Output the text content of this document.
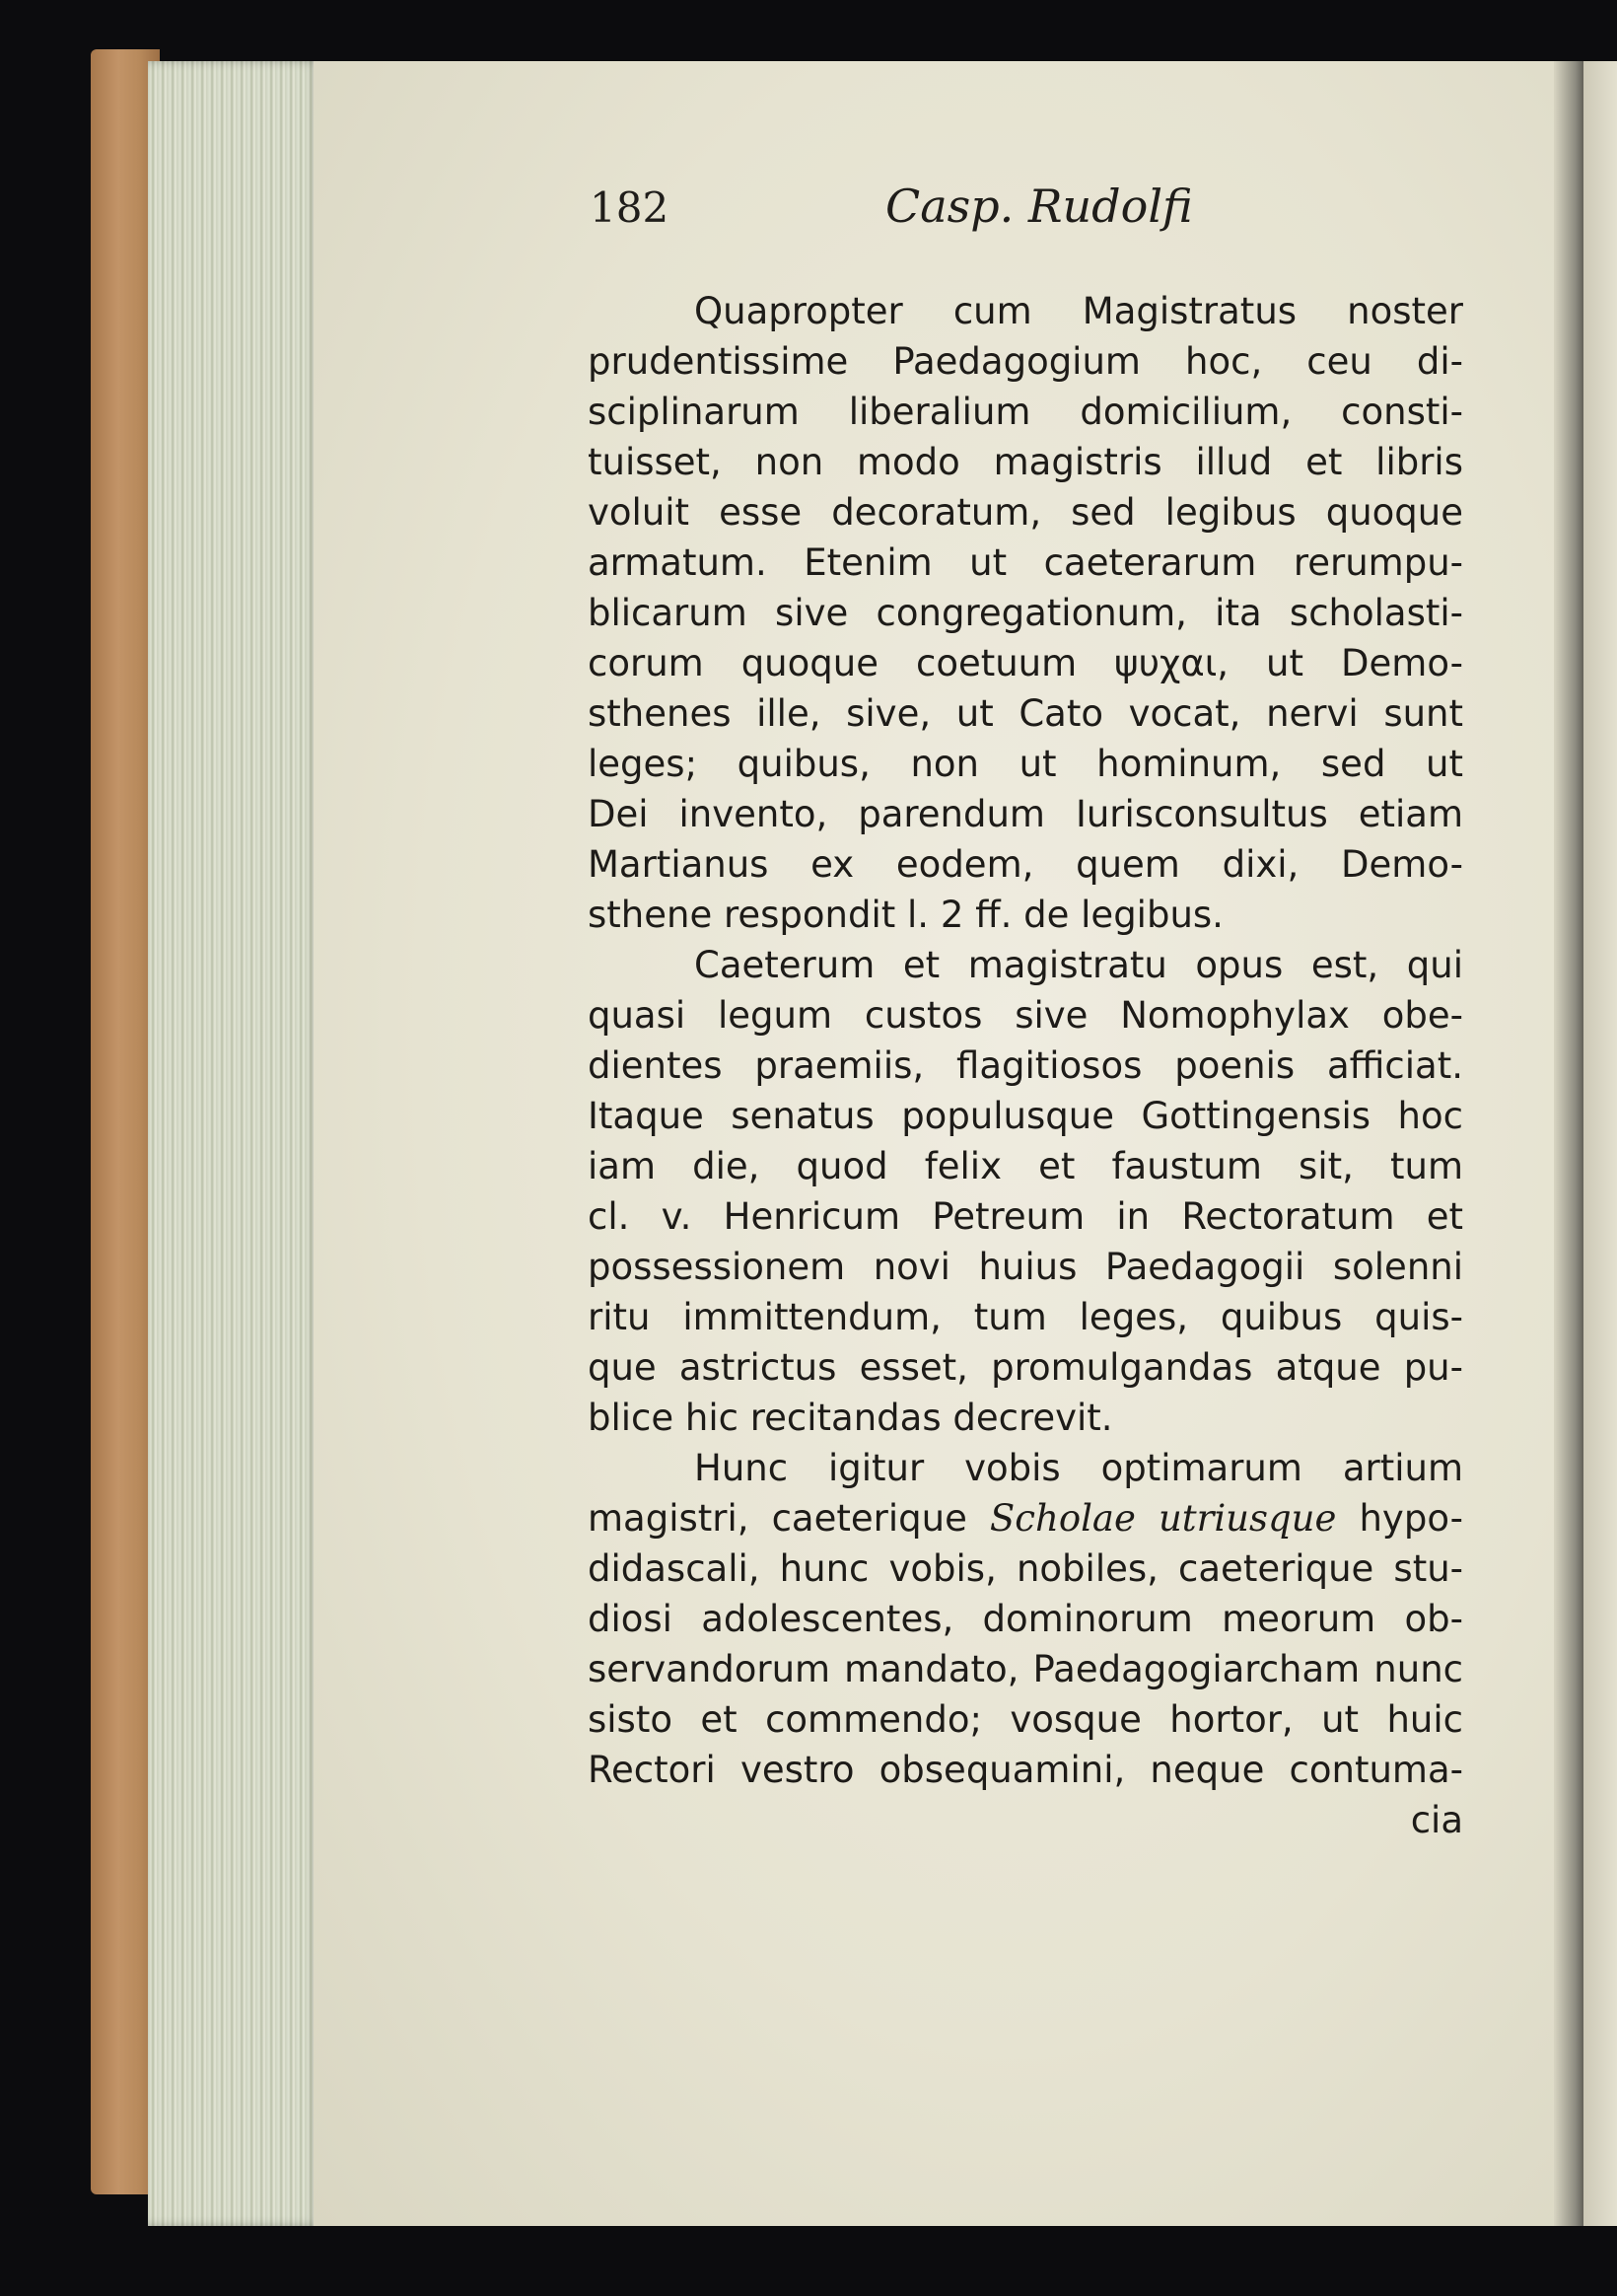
182	Casp. Rudolfi
Quapropter cum Magistratus noster
prudentissime Paedagogium hoc, ceu di-
sciplinarum liberalium domicilium, consti-
tuisset, non modo magistris illud et libris
voluit esse decoratum, sed legibus quoque
armatum. Etenim ut caeterarum rerumpu-
blicarum sive congregationum, ita scholasti-
corum quoque coetuum ψυχαι, ut Demo-
sthenes ille, sive, ut Cato vocat, nervi sunt
leges; quibus, non ut hominum, sed ut
Dei invento, parendum Iurisconsultus etiam
Martianus ex eodem, quem dixi, Demo-
sthene respondit l. 2 ff. de legibus.
Caeterum et magistratu opus est, qui
quasi legum custos sive Nomophylax obe-
dientes praemiis, flagitiosos poenis afficiat.
Itaque senatus populusque Gottingensis hoc
iam die, quod felix et faustum sit, tum
cl. v. Henricum Petreum in Rectoratum et
possessionem novi huius Paedagogii solenni
ritu immittendum, tum leges, quibus quis-
que astrictus esset, promulgandas atque pu-
blice hic recitandas decrevit.
Hunc igitur vobis optimarum artium
magistri, caeterique Scholae utriusque hypo-
didascali, hunc vobis, nobiles, caeterique stu-
diosi adolescentes, dominorum meorum ob-
servandorum mandato, Paedagogiarcham nunc
sisto et commendo; vosque hortor, ut huic
Rectori vestro obsequamini, neque contuma-
cia
